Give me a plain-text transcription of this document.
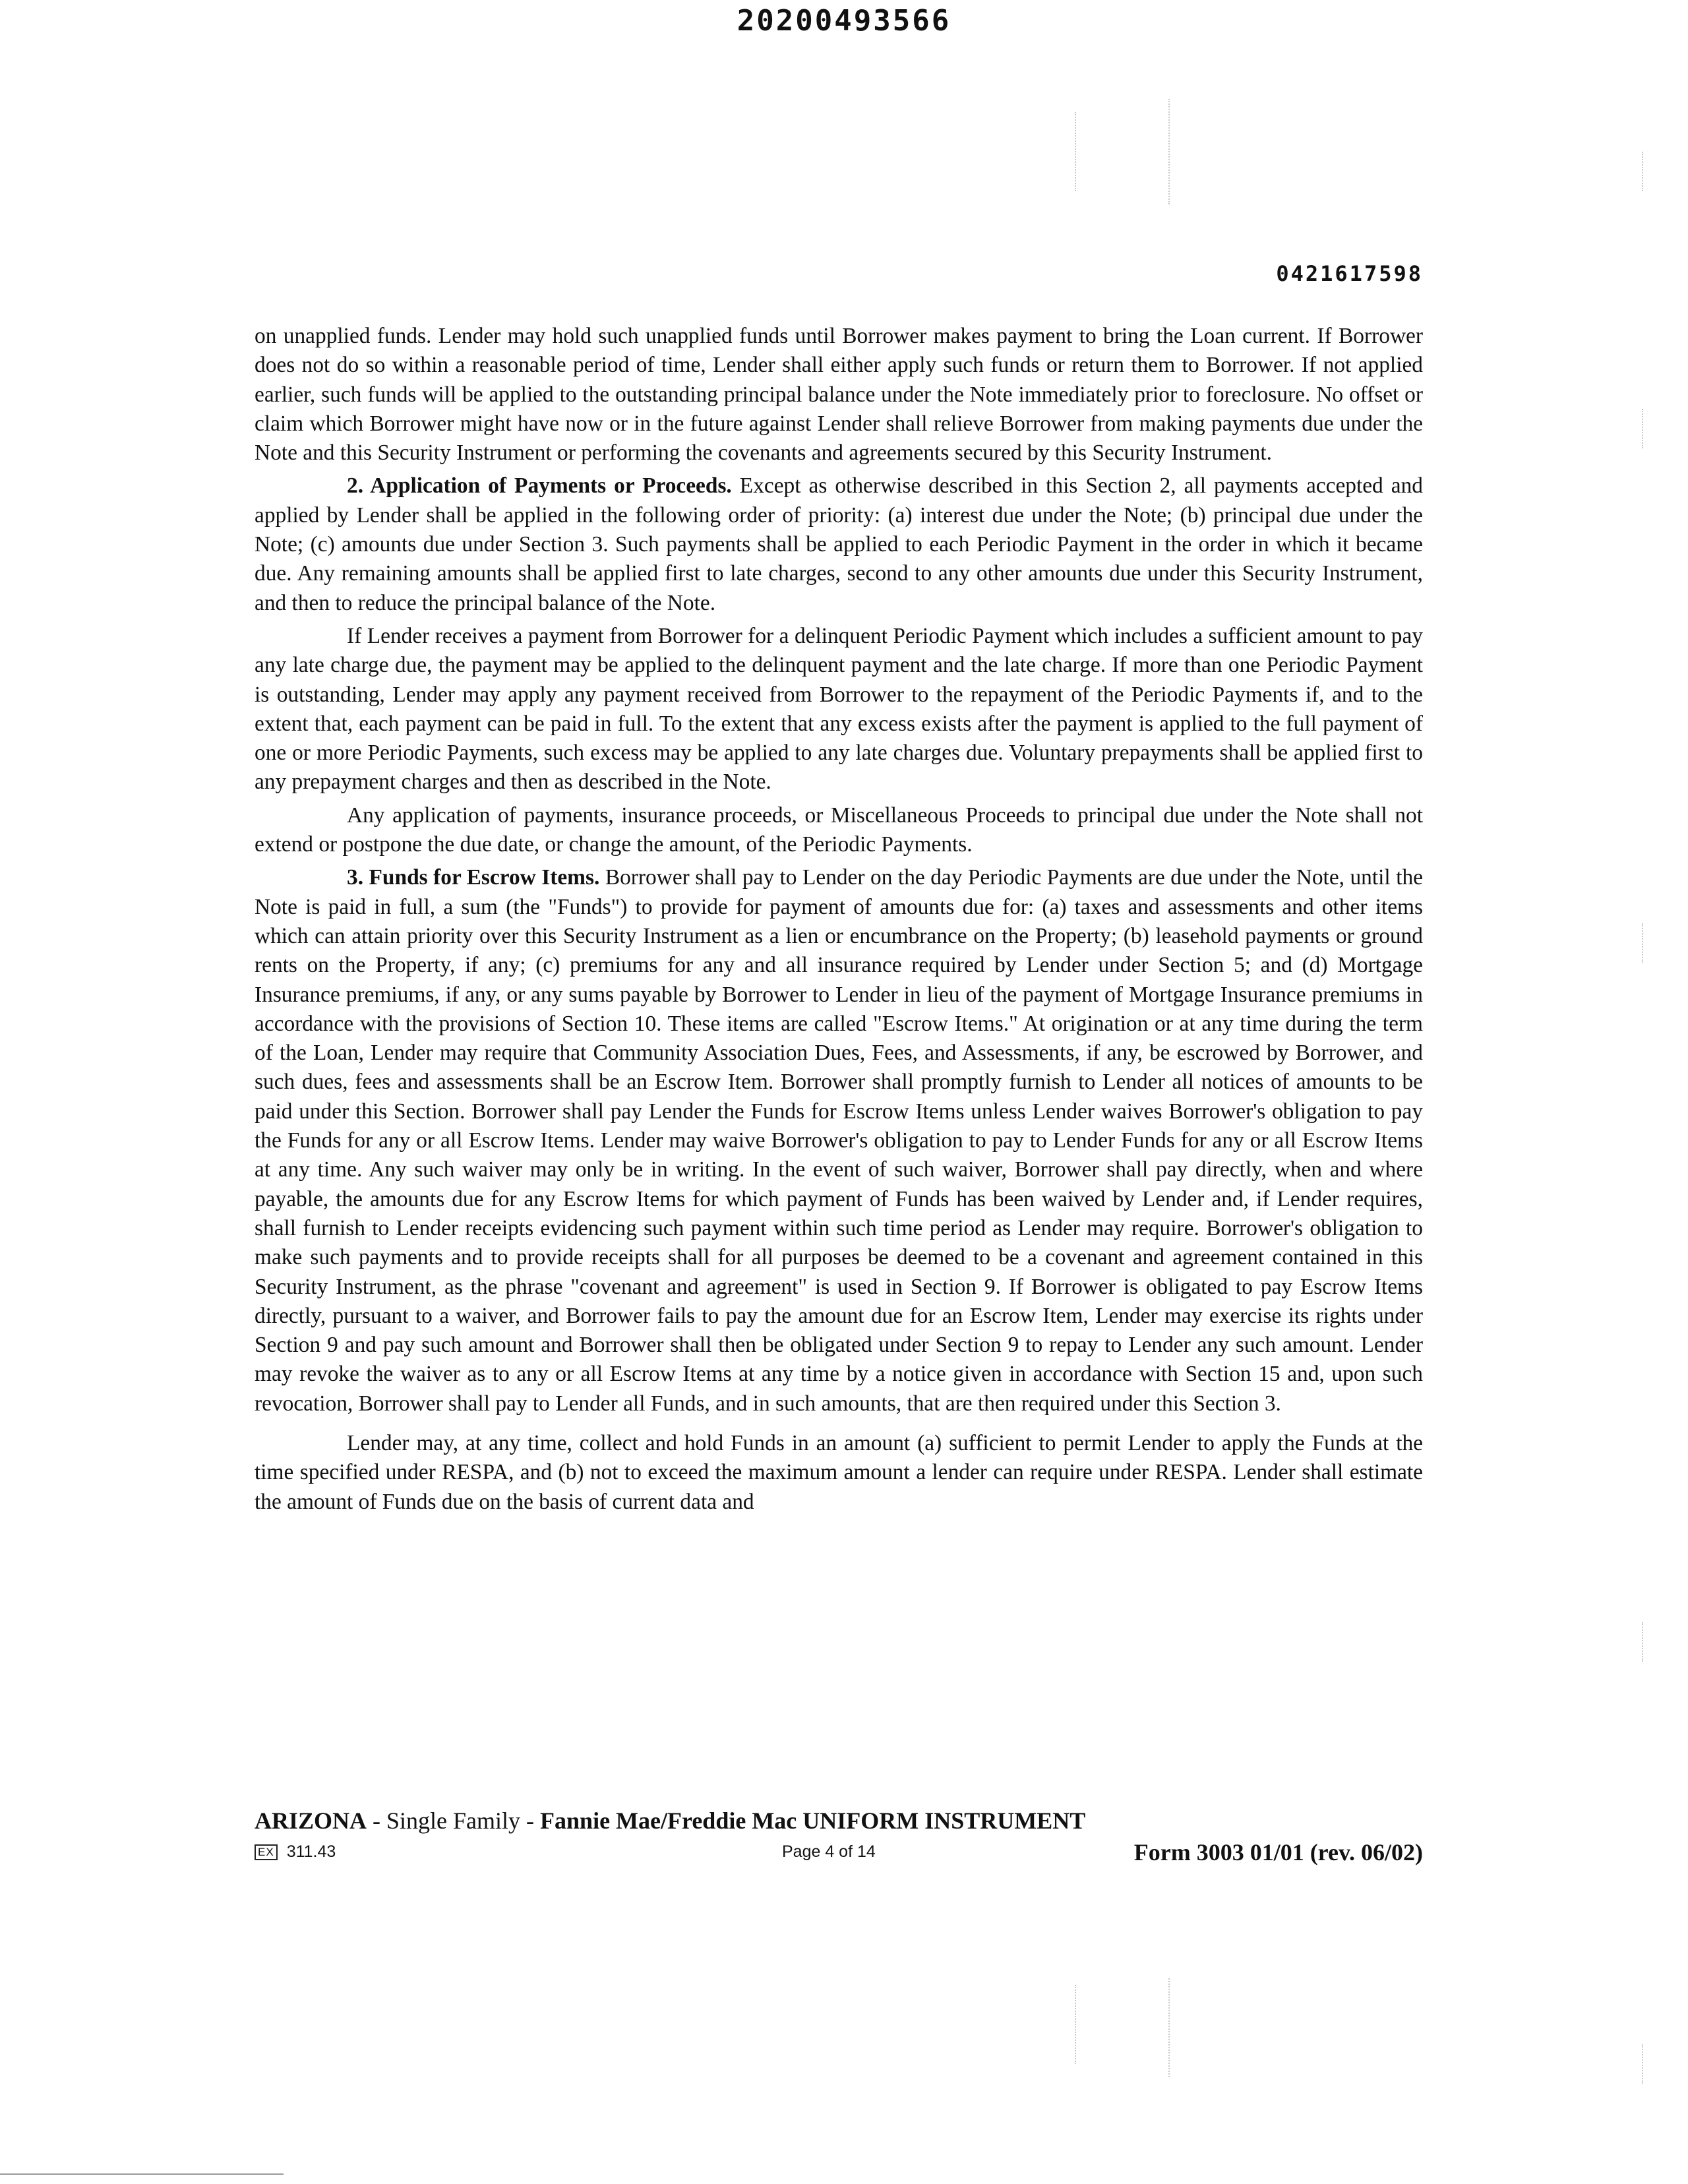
20200493566
0421617598

on unapplied funds. Lender may hold such unapplied funds until Borrower makes payment to bring the Loan current. If Borrower does not do so within a reasonable period of time, Lender shall either apply such funds or return them to Borrower. If not applied earlier, such funds will be applied to the outstanding principal balance under the Note immediately prior to foreclosure. No offset or claim which Borrower might have now or in the future against Lender shall relieve Borrower from making payments due under the Note and this Security Instrument or performing the covenants and agreements secured by this Security Instrument.

2. Application of Payments or Proceeds. Except as otherwise described in this Section 2, all payments accepted and applied by Lender shall be applied in the following order of priority: (a) interest due under the Note; (b) principal due under the Note; (c) amounts due under Section 3. Such payments shall be applied to each Periodic Payment in the order in which it became due. Any remaining amounts shall be applied first to late charges, second to any other amounts due under this Security Instrument, and then to reduce the principal balance of the Note.

If Lender receives a payment from Borrower for a delinquent Periodic Payment which includes a sufficient amount to pay any late charge due, the payment may be applied to the delinquent payment and the late charge. If more than one Periodic Payment is outstanding, Lender may apply any payment received from Borrower to the repayment of the Periodic Payments if, and to the extent that, each payment can be paid in full. To the extent that any excess exists after the payment is applied to the full payment of one or more Periodic Payments, such excess may be applied to any late charges due. Voluntary prepayments shall be applied first to any prepayment charges and then as described in the Note.

Any application of payments, insurance proceeds, or Miscellaneous Proceeds to principal due under the Note shall not extend or postpone the due date, or change the amount, of the Periodic Payments.

3. Funds for Escrow Items. Borrower shall pay to Lender on the day Periodic Payments are due under the Note, until the Note is paid in full, a sum (the "Funds") to provide for payment of amounts due for: (a) taxes and assessments and other items which can attain priority over this Security Instrument as a lien or encumbrance on the Property; (b) leasehold payments or ground rents on the Property, if any; (c) premiums for any and all insurance required by Lender under Section 5; and (d) Mortgage Insurance premiums, if any, or any sums payable by Borrower to Lender in lieu of the payment of Mortgage Insurance premiums in accordance with the provisions of Section 10. These items are called "Escrow Items." At origination or at any time during the term of the Loan, Lender may require that Community Association Dues, Fees, and Assessments, if any, be escrowed by Borrower, and such dues, fees and assessments shall be an Escrow Item. Borrower shall promptly furnish to Lender all notices of amounts to be paid under this Section. Borrower shall pay Lender the Funds for Escrow Items unless Lender waives Borrower's obligation to pay the Funds for any or all Escrow Items. Lender may waive Borrower's obligation to pay to Lender Funds for any or all Escrow Items at any time. Any such waiver may only be in writing. In the event of such waiver, Borrower shall pay directly, when and where payable, the amounts due for any Escrow Items for which payment of Funds has been waived by Lender and, if Lender requires, shall furnish to Lender receipts evidencing such payment within such time period as Lender may require. Borrower's obligation to make such payments and to provide receipts shall for all purposes be deemed to be a covenant and agreement contained in this Security Instrument, as the phrase "covenant and agreement" is used in Section 9. If Borrower is obligated to pay Escrow Items directly, pursuant to a waiver, and Borrower fails to pay the amount due for an Escrow Item, Lender may exercise its rights under Section 9 and pay such amount and Borrower shall then be obligated under Section 9 to repay to Lender any such amount. Lender may revoke the waiver as to any or all Escrow Items at any time by a notice given in accordance with Section 15 and, upon such revocation, Borrower shall pay to Lender all Funds, and in such amounts, that are then required under this Section 3.

Lender may, at any time, collect and hold Funds in an amount (a) sufficient to permit Lender to apply the Funds at the time specified under RESPA, and (b) not to exceed the maximum amount a lender can require under RESPA. Lender shall estimate the amount of Funds due on the basis of current data and

ARIZONA - Single Family - Fannie Mae/Freddie Mac UNIFORM INSTRUMENT
EX 311.43	Page 4 of 14	Form 3003 01/01 (rev. 06/02)
